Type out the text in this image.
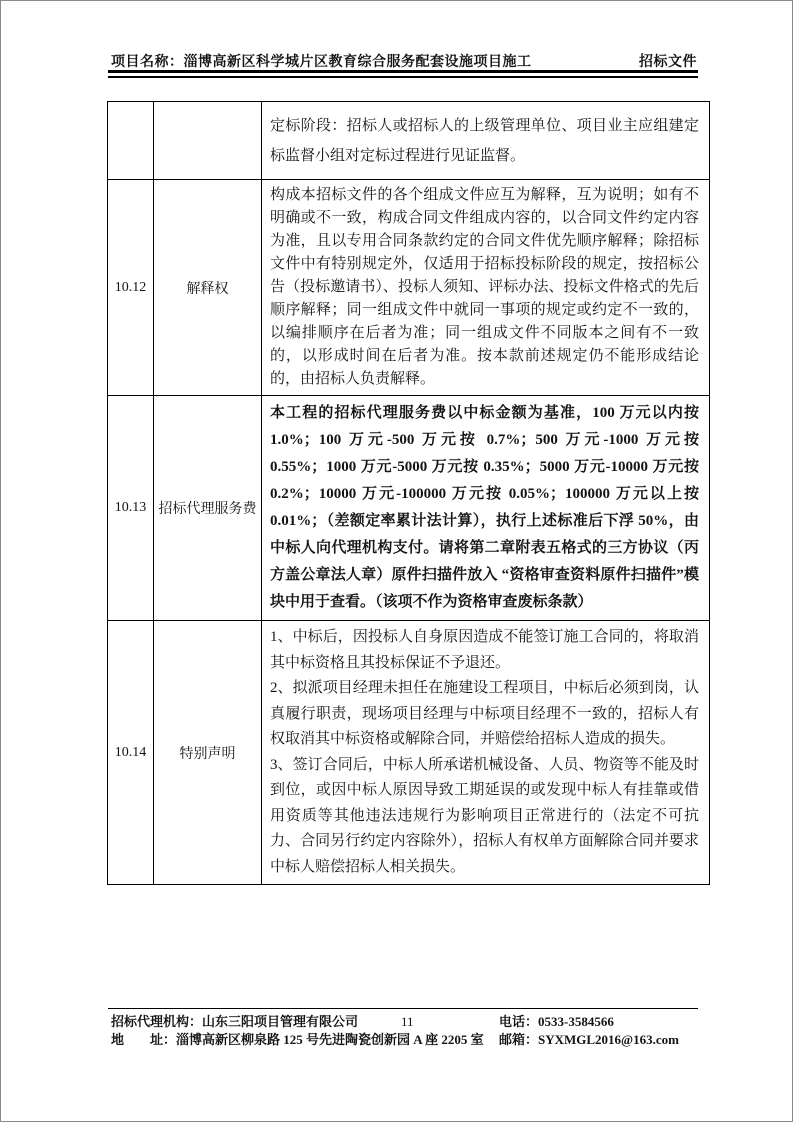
项目名称：淄博高新区科学城片区教育综合服务配套设施项目施工	招标文件

		定标阶段：招标人或招标人的上级管理单位、项目业主应组建定标监督小组对定标过程进行见证监督。

10.12	解释权	构成本招标文件的各个组成文件应互为解释，互为说明；如有不明确或不一致，构成合同文件组成内容的，以合同文件约定内容为准，且以专用合同条款约定的合同文件优先顺序解释；除招标文件中有特别规定外，仅适用于招标投标阶段的规定，按招标公告（投标邀请书）、投标人须知、评标办法、投标文件格式的先后顺序解释；同一组成文件中就同一事项的规定或约定不一致的，以编排顺序在后者为准；同一组成文件不同版本之间有不一致的，以形成时间在后者为准。按本款前述规定仍不能形成结论的，由招标人负责解释。

10.13	招标代理服务费	本工程的招标代理服务费以中标金额为基准，100 万元以内按 1.0%；100 万元-500 万元按 0.7%；500 万元-1000 万元按 0.55%；1000 万元-5000 万元按 0.35%；5000 万元-10000 万元按 0.2%；10000 万元-100000 万元按 0.05%；100000 万元以上按 0.01%；（差额定率累计法计算），执行上述标准后下浮 50%，由中标人向代理机构支付。请将第二章附表五格式的三方协议（丙方盖公章法人章）原件扫描件放入 “资格审查资料原件扫描件”模块中用于查看。（该项不作为资格审查废标条款）

10.14	特别声明	1、中标后，因投标人自身原因造成不能签订施工合同的，将取消其中标资格且其投标保证不予退还。

2、拟派项目经理未担任在施建设工程项目，中标后必须到岗，认真履行职责，现场项目经理与中标项目经理不一致的，招标人有权取消其中标资格或解除合同，并赔偿给招标人造成的损失。

3、签订合同后，中标人所承诺机械设备、人员、物资等不能及时到位，或因中标人原因导致工期延误的或发现中标人有挂靠或借用资质等其他违法违规行为影响项目正常进行的（法定不可抗力、合同另行约定内容除外），招标人有权单方面解除合同并要求中标人赔偿招标人相关损失。

招标代理机构：山东三阳项目管理有限公司	11	电话：0533-3584566
地　　址：淄博高新区柳泉路 125 号先进陶瓷创新园 A 座 2205 室	邮箱：SYXMGL2016@163.com
